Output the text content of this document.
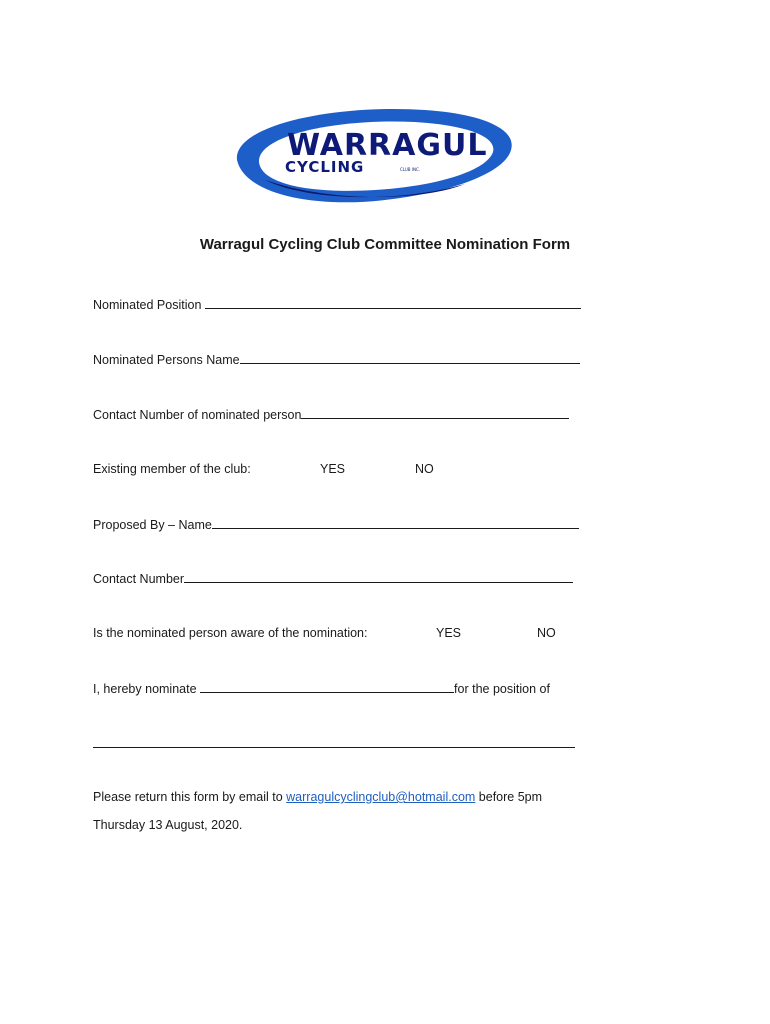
WARRAGUL
CYCLING	CLUB INC.
Warragul Cycling Club Committee Nomination Form
Nominated Position
Nominated Persons Name
Contact Number of nominated person
Existing member of the club:	YES	NO
Proposed By – Name
Contact Number
Is the nominated person aware of the nomination:	YES	NO
I, hereby nominate	for the position of
Please return this form by email to warragulcyclingclub@hotmail.com before 5pm
Thursday 13 August, 2020.
